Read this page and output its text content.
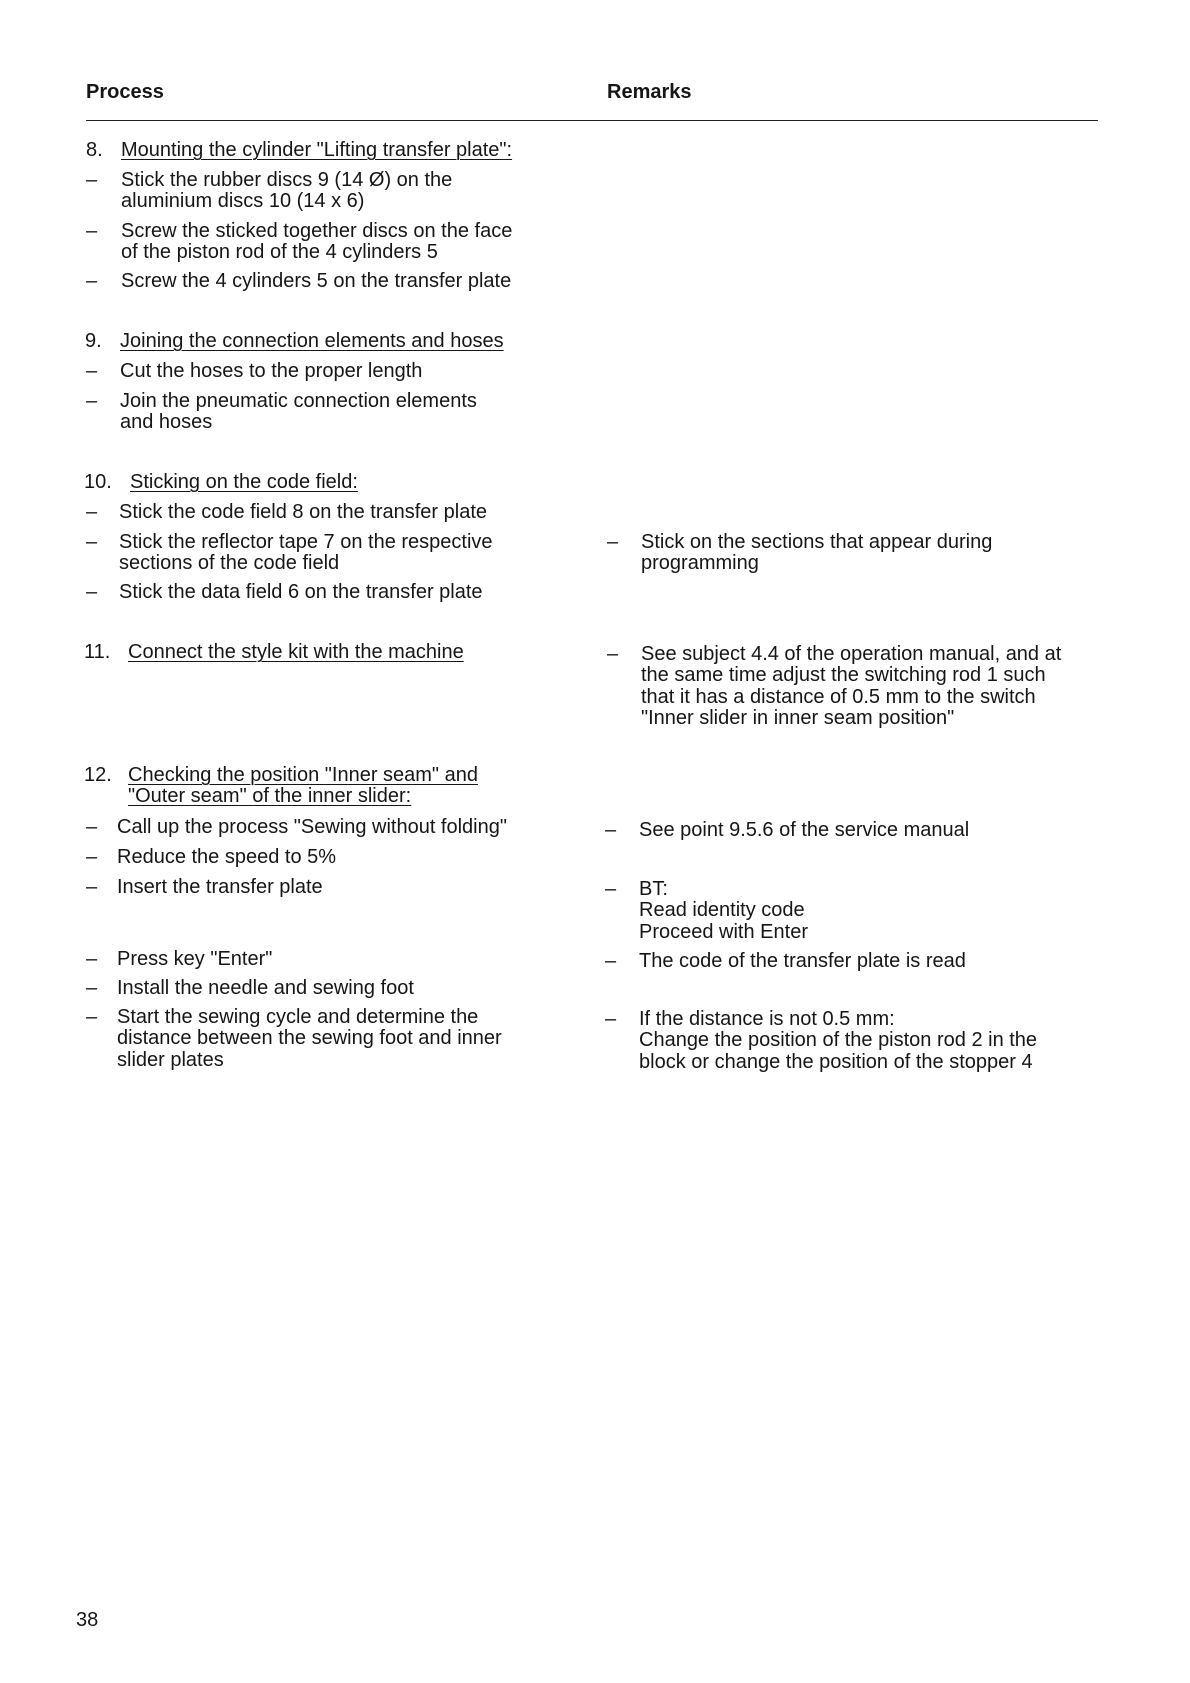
Process	Remarks
8. Mounting the cylinder "Lifting transfer plate":
– Stick the rubber discs 9 (14 Ø) on the
aluminium discs 10 (14 x 6)
– Screw the sticked together discs on the face
of the piston rod of the 4 cylinders 5
– Screw the 4 cylinders 5 on the transfer plate
9. Joining the connection elements and hoses
– Cut the hoses to the proper length
– Join the pneumatic connection elements
and hoses
10. Sticking on the code field:
– Stick the code field 8 on the transfer plate
– Stick the reflector tape 7 on the respective
sections of the code field
– Stick the data field 6 on the transfer plate
– Stick on the sections that appear during
programming
11. Connect the style kit with the machine	– See subject 4.4 of the operation manual, and at
the same time adjust the switching rod 1 such
that it has a distance of 0.5 mm to the switch
"Inner slider in inner seam position"
12. Checking the position "Inner seam" and
"Outer seam" of the inner slider:
– Call up the process "Sewing without folding"
– Reduce the speed to 5%
– Insert the transfer plate
– Press key "Enter"
– Install the needle and sewing foot
– Start the sewing cycle and determine the
distance between the sewing foot and inner
slider plates
– See point 9.5.6 of the service manual
– BT:
Read identity code
Proceed with Enter
– The code of the transfer plate is read
– If the distance is not 0.5 mm:
Change the position of the piston rod 2 in the
block or change the position of the stopper 4
38
